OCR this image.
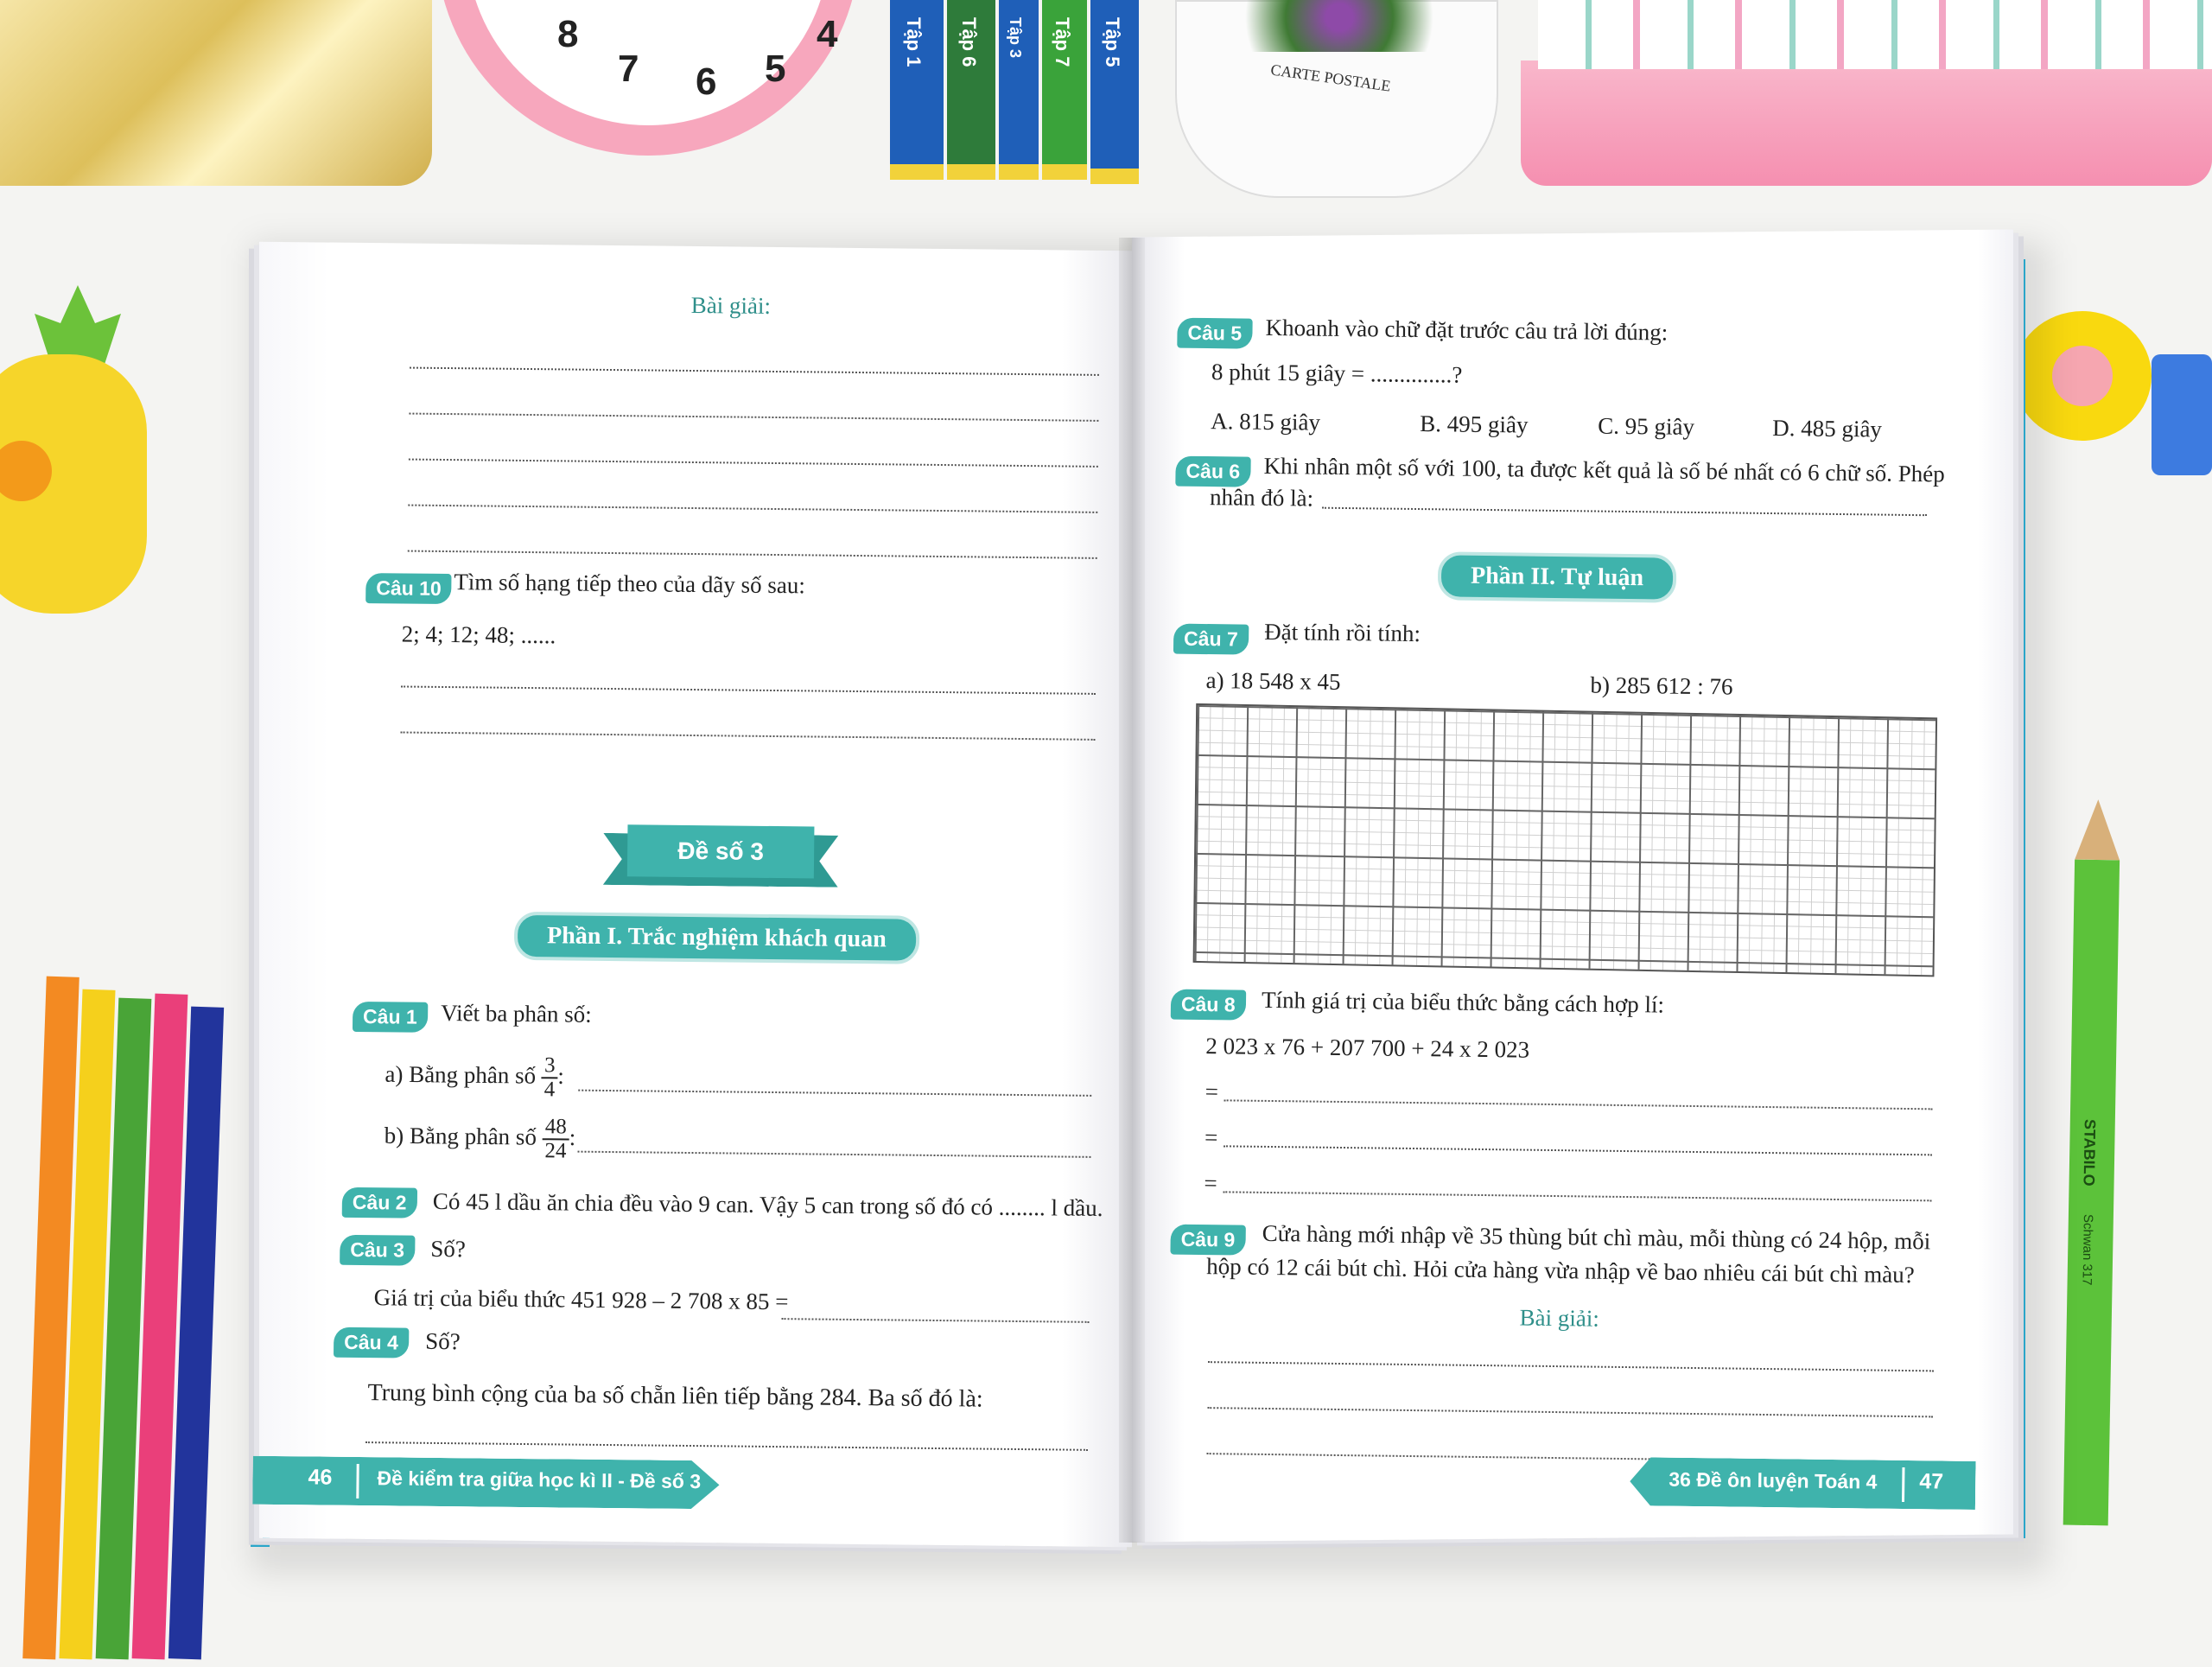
8
7 6 5
4	Tập 1 Tập 6 Tập 3 Tập 7 Tập 5
CARTE POSTALE
STABILO
Schwan 317
Bài giải:
Câu 10 Tìm số hạng tiếp theo của dãy số sau:
2; 4; 12; 48; ......
Đề số 3
Phần I. Trắc nghiệm khách quan
Câu 1	Viết ba phân số:
a) Bằng phân số $\frac{3}{4}$ :
b) Bằng phân số $\frac{48}{24}$ :
Câu 2	Có 45 l dầu ăn chia đều vào 9 can. Vậy 5 can trong số đó có ........ l dầu.
Câu 3	Số?
Giá trị của biểu thức 451 928 – 2 708 x 85 =
Câu 4	Số?
Trung bình cộng của ba số chẵn liên tiếp bằng 284. Ba số đó là:
46 Đề kiểm tra giữa học kì II - Đề số 3
Câu 5	Khoanh vào chữ đặt trước câu trả lời đúng:
8 phút 15 giây = ..............?
A. 815 giây	B. 495 giây	C. 95 giây	D. 485 giây
Câu 6	Khi nhân một số với 100, ta được kết quả là số bé nhất có 6 chữ số. Phép
nhân đó là:
Phần II. Tự luận
Câu 7	Đặt tính rồi tính:
a) 18 548 x 45	b) 285 612 : 76
Câu 8	Tính giá trị của biểu thức bằng cách hợp lí:
2 023 x 76 + 207 700 + 24 x 2 023
=
=
=
Câu 9	Cửa hàng mới nhập về 35 thùng bút chì màu, mỗi thùng có 24 hộp, mỗi
hộp có 12 cái bút chì. Hỏi cửa hàng vừa nhập về bao nhiêu cái bút chì màu?
Bài giải:
36 Đề ôn luyện Toán 4 47
